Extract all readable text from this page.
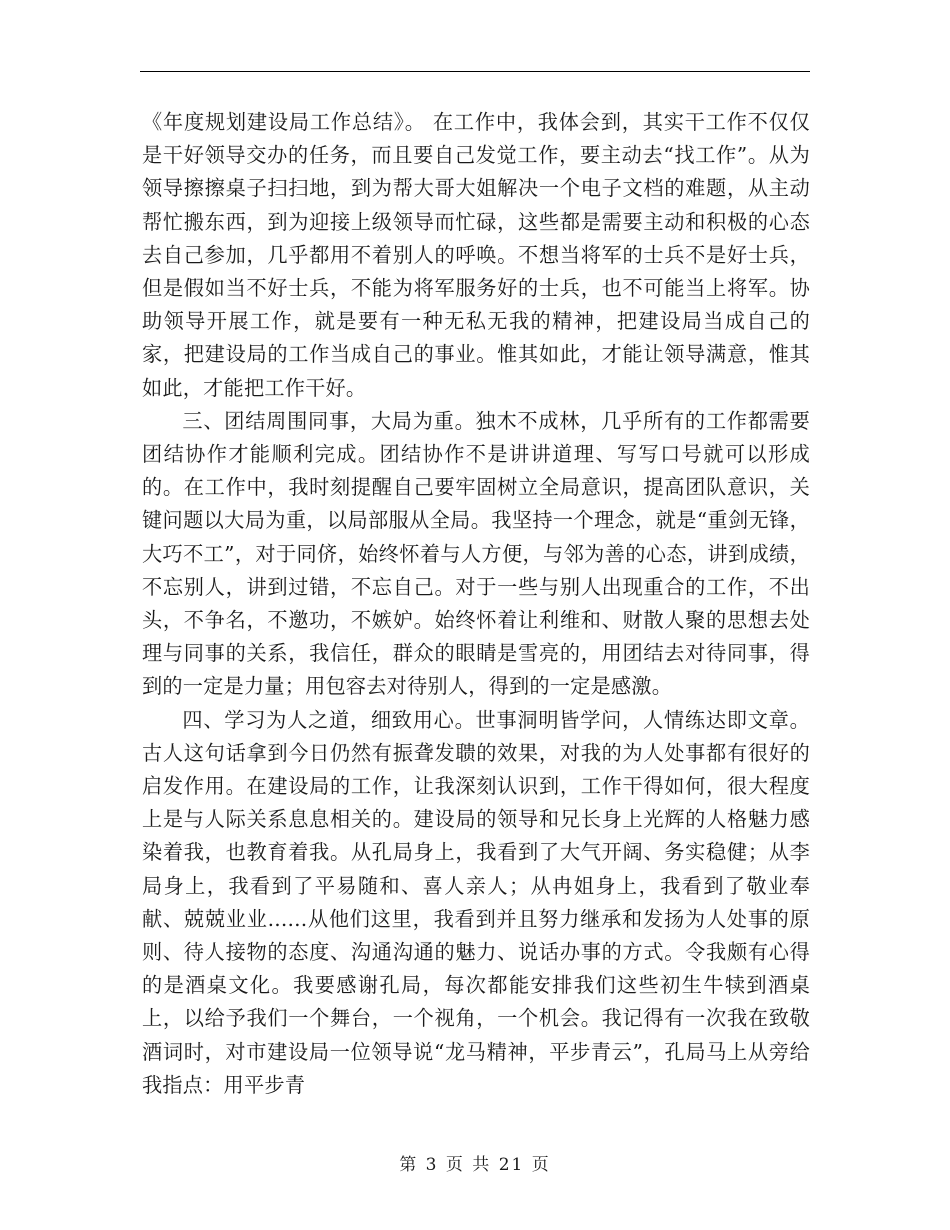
《年度规划建设局工作总结》。 在工作中，我体会到，其实干工作不仅仅是干好领导交办的任务，而且要自己发觉工作，要主动去“找工作”。从为领导擦擦桌子扫扫地，到为帮大哥大姐解决一个电子文档的难题，从主动帮忙搬东西，到为迎接上级领导而忙碌，这些都是需要主动和积极的心态去自己参加，几乎都用不着别人的呼唤。不想当将军的士兵不是好士兵，但是假如当不好士兵，不能为将军服务好的士兵，也不可能当上将军。协助领导开展工作，就是要有一种无私无我的精神，把建设局当成自己的家，把建设局的工作当成自己的事业。惟其如此，才能让领导满意，惟其如此，才能把工作干好。

三、团结周围同事，大局为重。独木不成林，几乎所有的工作都需要团结协作才能顺利完成。团结协作不是讲讲道理、写写口号就可以形成的。在工作中，我时刻提醒自己要牢固树立全局意识，提高团队意识，关键问题以大局为重，以局部服从全局。我坚持一个理念，就是“重剑无锋，大巧不工”，对于同侪，始终怀着与人方便，与邻为善的心态，讲到成绩，不忘别人，讲到过错，不忘自己。对于一些与别人出现重合的工作，不出头，不争名，不邀功，不嫉妒。始终怀着让利维和、财散人聚的思想去处理与同事的关系，我信任，群众的眼睛是雪亮的，用团结去对待同事，得到的一定是力量；用包容去对待别人，得到的一定是感激。

四、学习为人之道，细致用心。世事洞明皆学问，人情练达即文章。古人这句话拿到今日仍然有振聋发聩的效果，对我的为人处事都有很好的启发作用。在建设局的工作，让我深刻认识到，工作干得如何，很大程度上是与人际关系息息相关的。建设局的领导和兄长身上光辉的人格魅力感染着我，也教育着我。从孔局身上，我看到了大气开阔、务实稳健；从李局身上，我看到了平易随和、喜人亲人；从冉姐身上，我看到了敬业奉献、兢兢业业......从他们这里，我看到并且努力继承和发扬为人处事的原则、待人接物的态度、沟通沟通的魅力、说话办事的方式。令我颇有心得的是酒桌文化。我要感谢孔局，每次都能安排我们这些初生牛犊到酒桌上，以给予我们一个舞台，一个视角，一个机会。我记得有一次我在致敬酒词时，对市建设局一位领导说“龙马精神，平步青云”，孔局马上从旁给我指点：用平步青

第 3 页 共 21 页
